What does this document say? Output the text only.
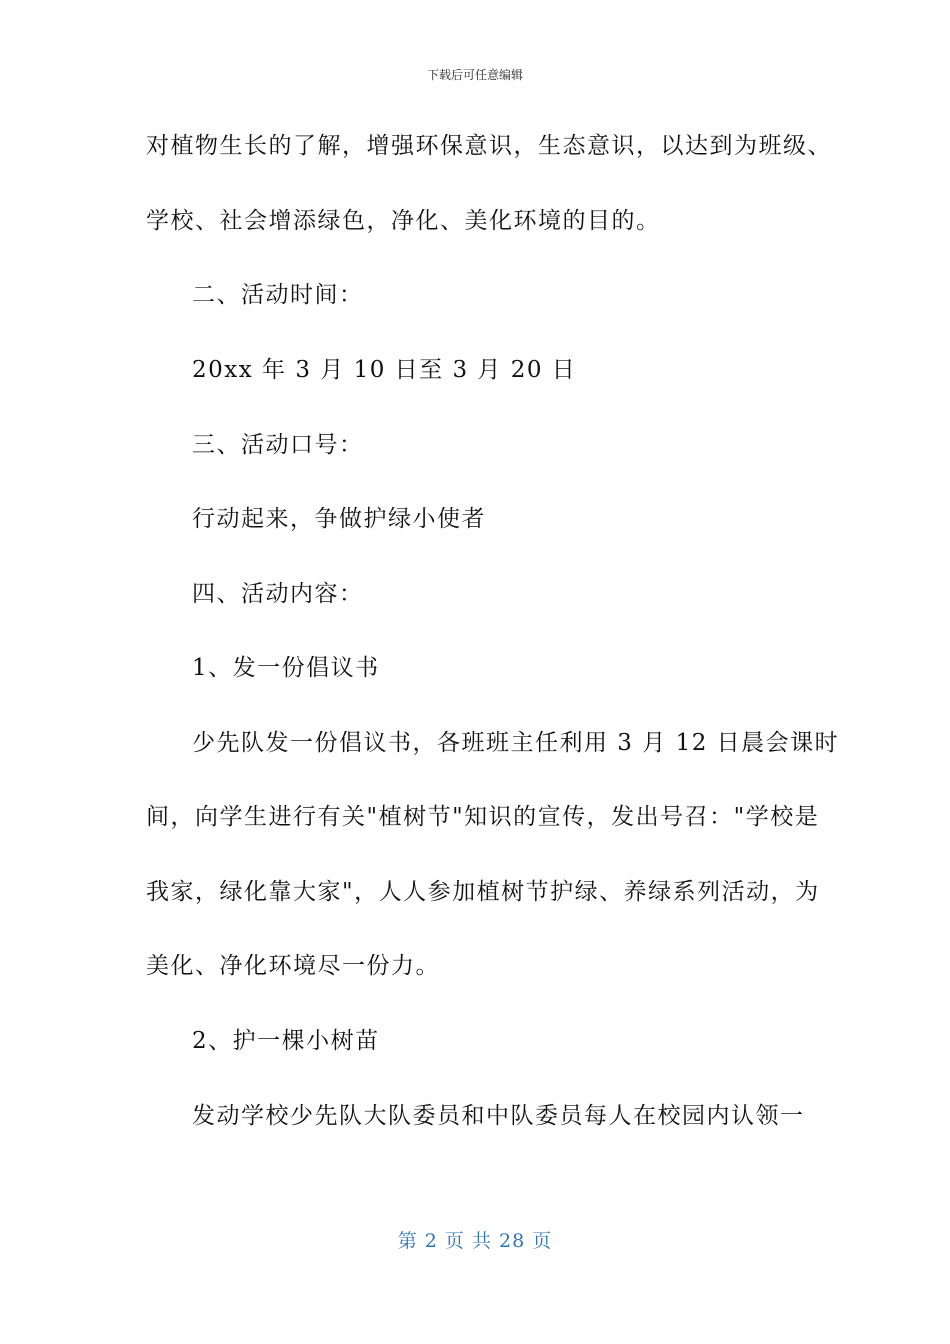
下载后可任意编辑
对植物生长的了解，增强环保意识，生态意识，以达到为班级、
学校、社会增添绿色，净化、美化环境的目的。
二、活动时间：
20xx 年 3 月 10 日至 3 月 20 日
三、活动口号：
行动起来，争做护绿小使者
四、活动内容：
1、发一份倡议书
少先队发一份倡议书，各班班主任利用 3 月 12 日晨会课时
间，向学生进行有关"植树节"知识的宣传，发出号召："学校是
我家，绿化靠大家"，人人参加植树节护绿、养绿系列活动，为
美化、净化环境尽一份力。
2、护一棵小树苗
发动学校少先队大队委员和中队委员每人在校园内认领一
第 2 页 共 28 页
